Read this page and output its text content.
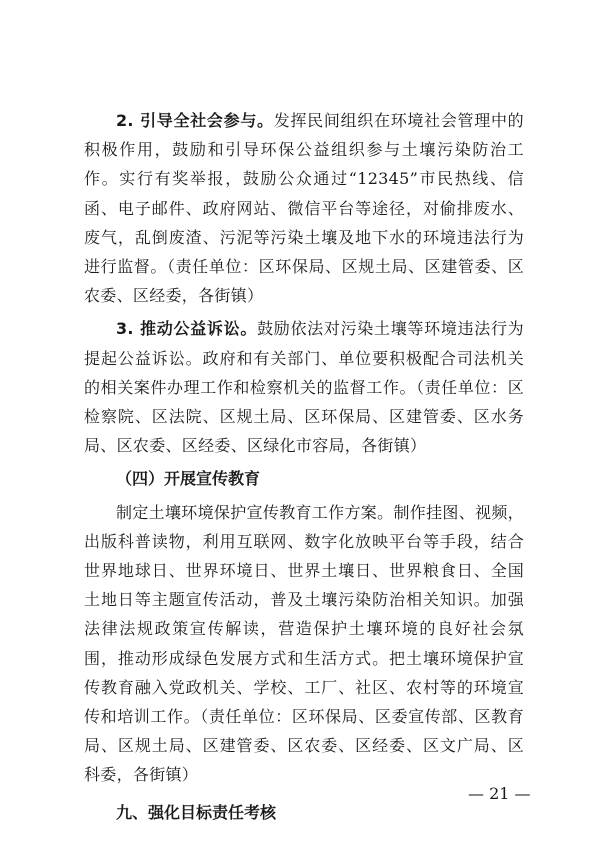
2. 引导全社会参与。发挥民间组织在环境社会管理中的积极作用，鼓励和引导环保公益组织参与土壤污染防治工作。实行有奖举报，鼓励公众通过“12345”市民热线、信函、电子邮件、政府网站、微信平台等途径，对偷排废水、废气，乱倒废渣、污泥等污染土壤及地下水的环境违法行为进行监督。（责任单位：区环保局、区规土局、区建管委、区农委、区经委，各街镇）

3. 推动公益诉讼。鼓励依法对污染土壤等环境违法行为提起公益诉讼。政府和有关部门、单位要积极配合司法机关的相关案件办理工作和检察机关的监督工作。（责任单位：区检察院、区法院、区规土局、区环保局、区建管委、区水务局、区农委、区经委、区绿化市容局，各街镇）

（四）开展宣传教育

制定土壤环境保护宣传教育工作方案。制作挂图、视频，出版科普读物，利用互联网、数字化放映平台等手段，结合世界地球日、世界环境日、世界土壤日、世界粮食日、全国土地日等主题宣传活动，普及土壤污染防治相关知识。加强法律法规政策宣传解读，营造保护土壤环境的良好社会氛围，推动形成绿色发展方式和生活方式。把土壤环境保护宣传教育融入党政机关、学校、工厂、社区、农村等的环境宣传和培训工作。（责任单位：区环保局、区委宣传部、区教育局、区规土局、区建管委、区农委、区经委、区文广局、区科委，各街镇）

九、强化目标责任考核

— 21 —
